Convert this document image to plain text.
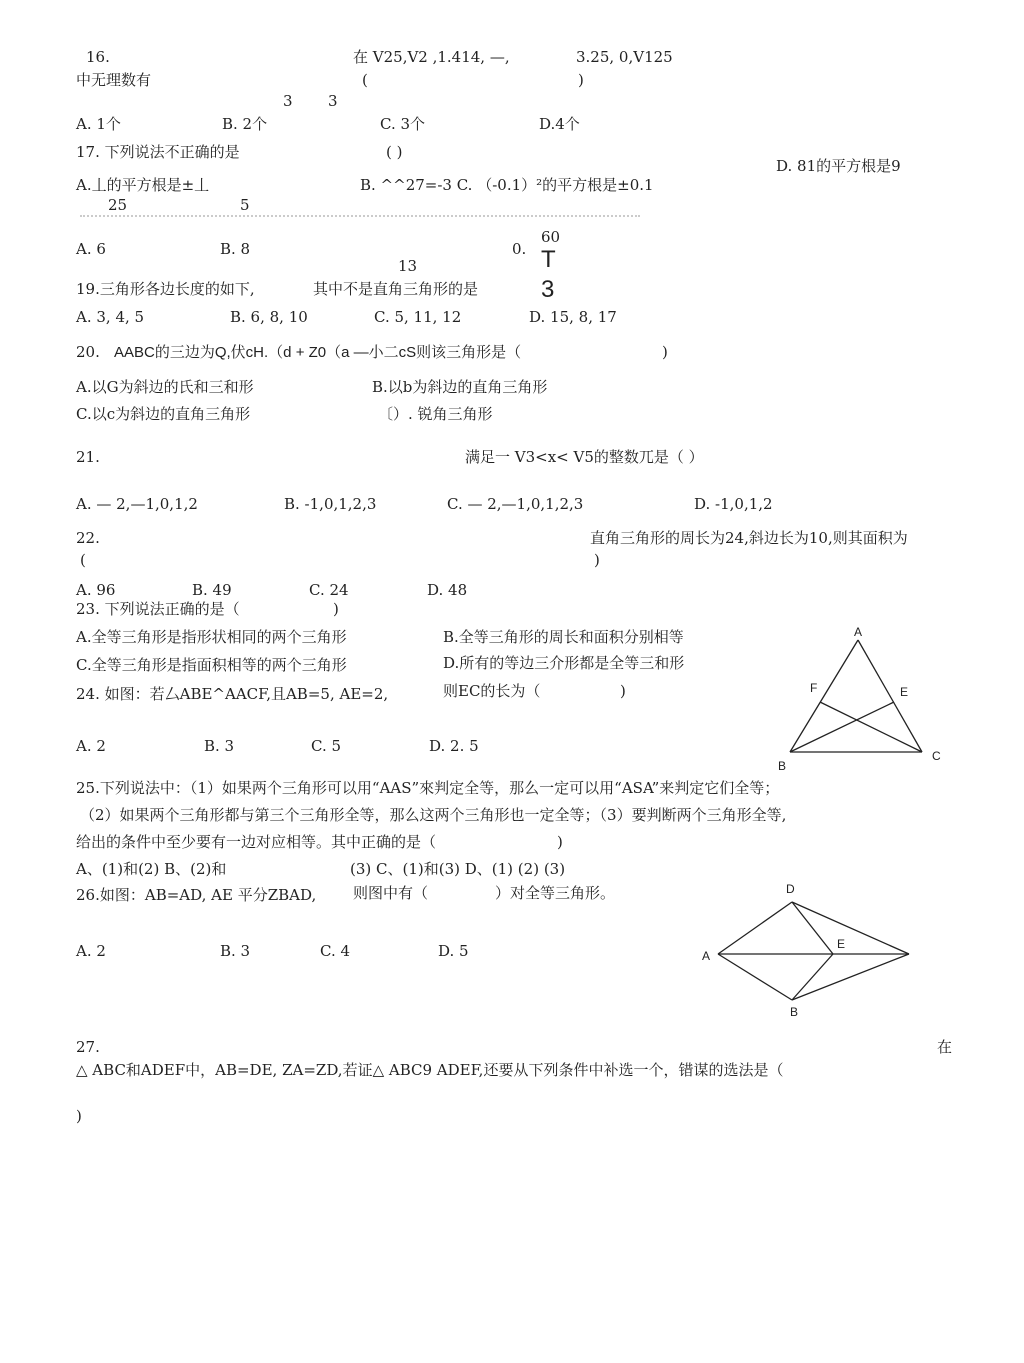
16.	在 V25,V2 ,1.414, —,	3.25, 0,V125
中无理数有	(	)
3 3
A. 1个	B. 2个	C. 3个	D.4个
17. 下列说法不正确的是	( )
D. 81的平方根是9
A.丄的平方根是±丄	B. ^^27=-3 C. （-0.1）²的平方根是±0.1
25	5
A. 6	B. 8	0.
60
T
3
13
19.三角形各边长度的如下,	其中不是直角三角形的是
A. 3, 4, 5	B. 6, 8, 10	C. 5, 11, 12	D. 15, 8, 17
20. AABC的三边为Q,伏cH.（d + Z0（a —小二cS则该三角形是（	)
A.以G为斜边的氏和三和形	B.以b为斜边的直角三角形
C.以c为斜边的直角三角形	〔）. 锐角三角形
21.	满足一 V3<x< V5的整数兀是（ ）
A. — 2,—1,0,1,2	B. -1,0,1,2,3	C. — 2,—1,0,1,2,3	D. -1,0,1,2
22.	直角三角形的周长为24,斜边长为10,则其面积为
(	)
A. 96	B. 49	C. 24	D. 48
23. 下列说法正确的是（	)
A.全等三角形是指形状相同的两个三角形	B.全等三角形的周长和面积分别相等
C.全等三角形是指面积相等的两个三角形	D.所有的等边三介形都是全等三和形
24. 如图：若厶ABE^AACF,且AB=5, AE=2,	则EC的长为（	)
A. 2	B. 3	C. 5	D. 2. 5
A
F	E
B
C
25.下列说法中：（1）如果两个三角形可以用“AAS”來判定全等，那么一定可以用“ASA”来判定它们全等；
（2）如果两个三角形都与第三个三角形全等，那么这两个三角形也一定全等；（3）要判断两个三角形全等,
给出的条件中至少要有一边对应相等。其中正确的是（	)
A、(1)和(2) B、(2)和	(3) C、(1)和(3) D、(1) (2) (3)
26.如图：AB=AD, AE 平分ZBAD, 则图中有（	）对全等三角形。
A. 2	B. 3	C. 4	D. 5	A
D
E
B
27.	在
△ ABC和ADEF中，AB=DE, ZA=ZD,若证△ ABC9 ADEF,还要从下列条件中补选一个，错谋的选法是（
)
